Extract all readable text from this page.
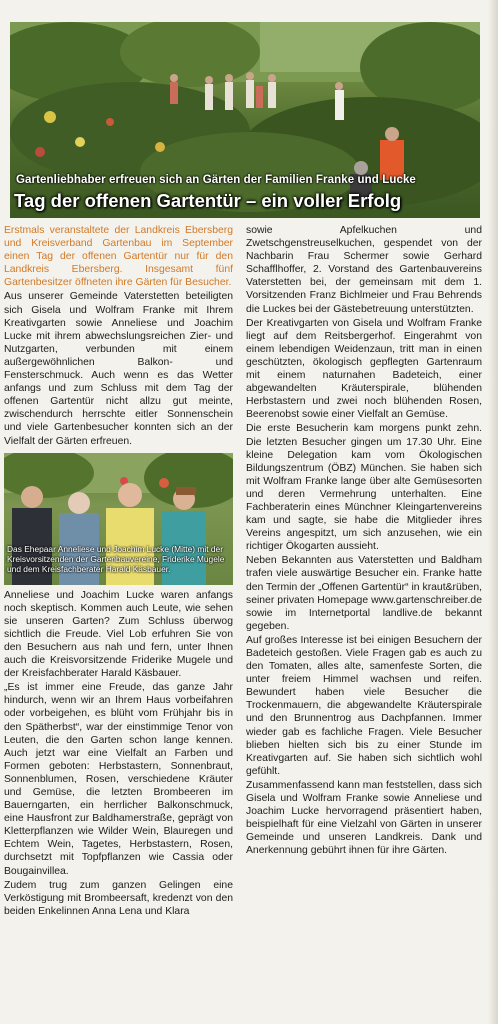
Gartenliebhaber erfreuen sich an Gärten der Familien Franke und Lucke
Tag der offenen Gartentür – ein voller Erfolg

Erstmals veranstaltete der Landkreis Ebersberg und Kreisverband Gartenbau im September einen Tag der offenen Gartentür nur für den Landkreis Ebersberg. Insgesamt fünf Gartenbesitzer öffneten ihre Gärten für Besucher.

Aus unserer Gemeinde Vaterstetten beteiligten sich Gisela und Wolfram Franke mit Ihrem Kreativgarten sowie Anneliese und Joachim Lucke mit ihrem abwechslungsreichen Zier- und Nutzgarten, verbunden mit einem außergewöhnlichen Balkon- und Fensterschmuck. Auch wenn es das Wetter anfangs und zum Schluss mit dem Tag der offenen Gartentür nicht allzu gut meinte, zwischendurch herrschte eitler Sonnenschein und viele Gartenbesucher konnten sich an der Vielfalt der Gärten erfreuen.

Das Ehepaar Anneliese und Joachim Lucke (Mitte) mit der Kreisvorsitzenden der Gartenbauvereine, Friderike Mugele und dem Kreisfachberater Harald Käsbauer.

Anneliese und Joachim Lucke waren anfangs noch skeptisch. Kommen auch Leute, wie sehen sie unseren Garten? Zum Schluss überwog sichtlich die Freude. Viel Lob erfuhren Sie von den Besuchern aus nah und fern, unter Ihnen auch die Kreisvorsitzende Friderike Mugele und der Kreisfachberater Harald Käsbauer.

„Es ist immer eine Freude, das ganze Jahr hindurch, wenn wir an Ihrem Haus vorbeifahren oder vorbeigehen, es blüht vom Frühjahr bis in den Spätherbst“, war der einstimmige Tenor von Leuten, die den Garten schon lange kennen. Auch jetzt war eine Vielfalt an Farben und Formen geboten: Herbstastern, Sonnenbraut, Sonnenblumen, Rosen, verschiedene Kräuter und Gemüse, die letzten Brombeeren im Bauerngarten, ein herrlicher Balkonschmuck, eine Hausfront zur Baldhamerstraße, geprägt von Kletterpflanzen wie Wilder Wein, Blauregen und Echtem Wein, Tagetes, Herbstastern, Rosen, durchsetzt mit Topfpflanzen wie Cassia oder Bougainvillea.

Zudem trug zum ganzen Gelingen eine Verköstigung mit Brombeersaft, kredenzt von den beiden Enkelinnen Anna Lena und Klara

sowie Apfelkuchen und Zwetschgenstreuselkuchen, gespendet von der Nachbarin Frau Schermer sowie Gerhard Schafflhoffer, 2. Vorstand des Gartenbauvereins Vaterstetten bei, der gemeinsam mit dem 1. Vorsitzenden Franz Bichlmeier und Frau Behrends die Luckes bei der Gästebetreuung unterstützten.

Der Kreativgarten von Gisela und Wolfram Franke liegt auf dem Reitsbergerhof. Eingerahmt von einem lebendigen Weidenzaun, tritt man in einen geschützten, ökologisch gepflegten Gartenraum mit einem naturnahen Badeteich, einer abgewandelten Kräuterspirale, blühenden Herbstastern und zwei noch blühenden Rosen, Beerenobst sowie einer Vielfalt an Gemüse.

Die erste Besucherin kam morgens punkt zehn. Die letzten Besucher gingen um 17.30 Uhr. Eine kleine Delegation kam vom Ökologischen Bildungszentrum (ÖBZ) München. Sie haben sich mit Wolfram Franke lange über alte Gemüsesorten und deren Vermehrung unterhalten. Eine Fachberaterin eines Münchner Kleingartenvereins kam und sagte, sie habe die Mitglieder ihres Vereins angespitzt, um sich anzusehen, wie ein richtiger Ökogarten aussieht.

Neben Bekannten aus Vaterstetten und Baldham trafen viele auswärtige Besucher ein. Franke hatte den Termin der „Offenen Gartentür“ in kraut&rüben, seiner privaten Homepage www.gartenschreiber.de sowie im Internetportal landlive.de bekannt gegeben.

Auf großes Interesse ist bei einigen Besuchern der Badeteich gestoßen. Viele Fragen gab es auch zu den Tomaten, alles alte, samenfeste Sorten, die unter freiem Himmel wachsen und reifen. Bewundert haben viele Besucher die Trockenmauern, die abgewandelte Kräuterspirale und den Brunnentrog aus Dachpfannen. Immer wieder gab es fachliche Fragen. Viele Besucher blieben hielten sich bis zu einer Stunde im Kreativgarten auf. Sie haben sich sichtlich wohl gefühlt.

Zusammenfassend kann man feststellen, dass sich Gisela und Wolfram Franke sowie Anneliese und Joachim Lucke hervorragend präsentiert haben, beispielhaft für eine Vielzahl von Gärten in unserer Gemeinde und unseren Landkreis. Dank und Anerkennung gebührt ihnen für ihre Gärten.
